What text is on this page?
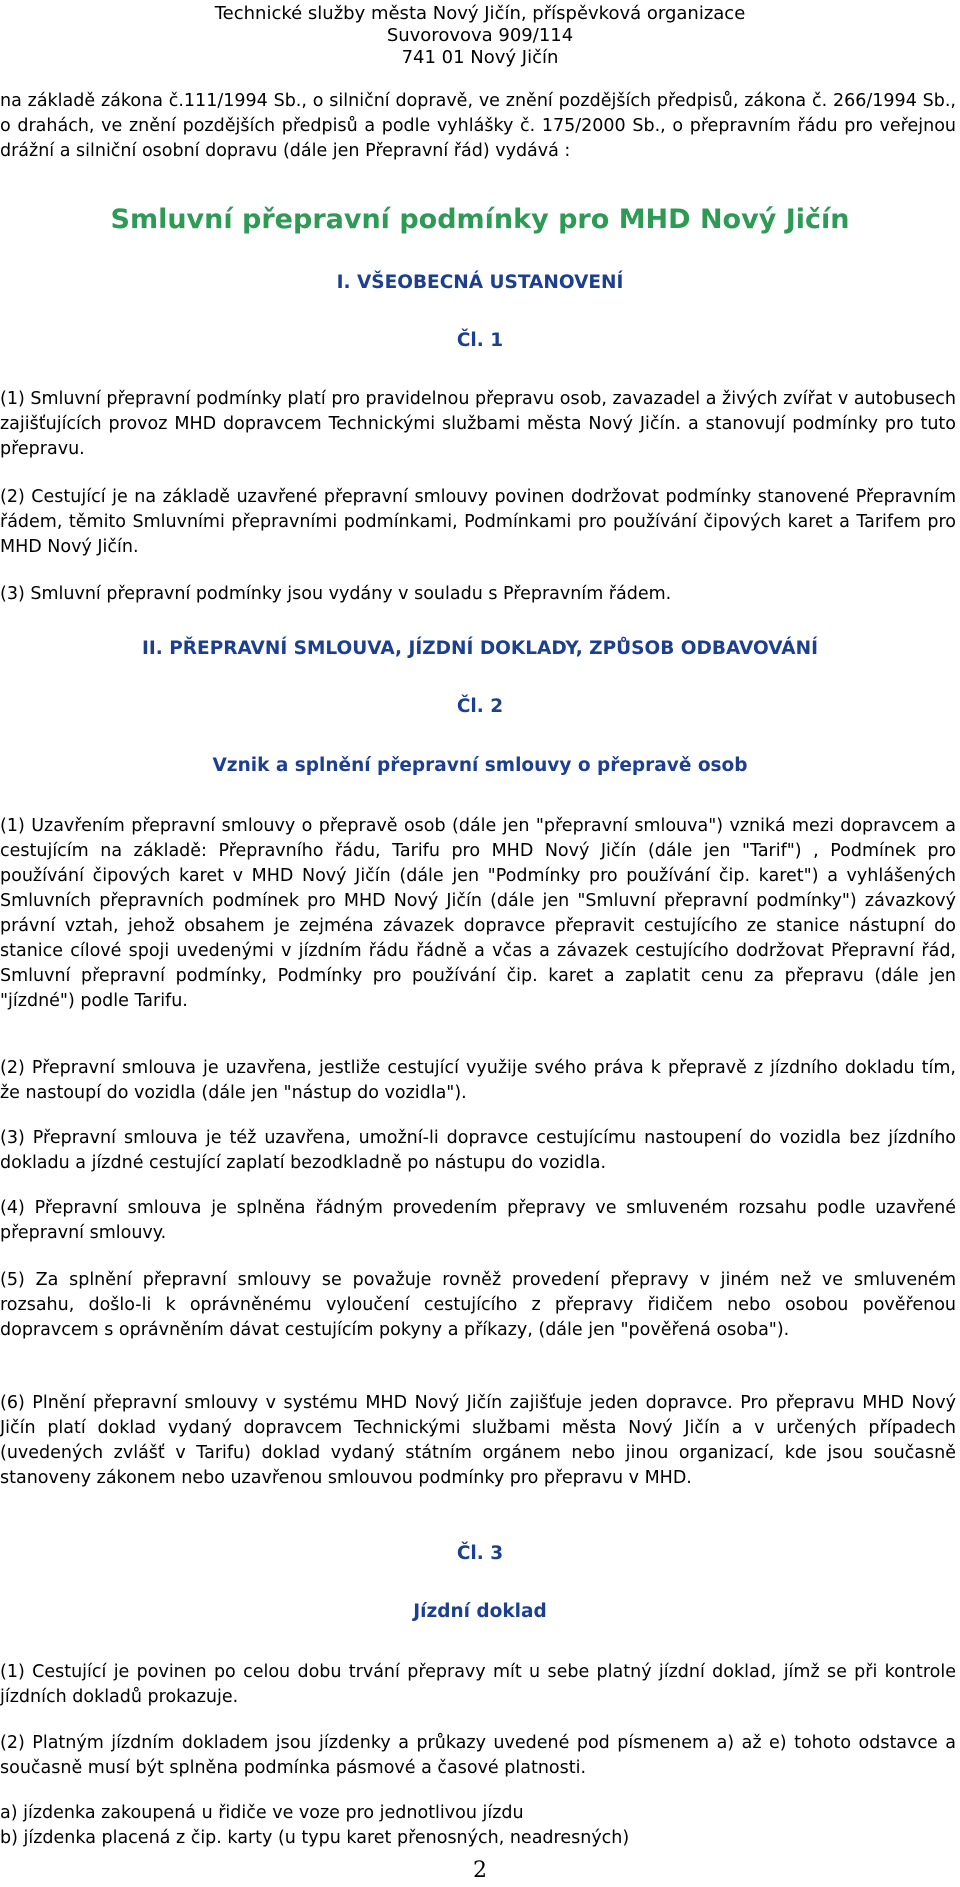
Technické služby města Nový Jičín, příspěvková organizace
Suvorovova 909/114
741 01 Nový Jičín

na základě zákona č.111/1994 Sb., o silniční dopravě, ve znění pozdějších předpisů, zákona č. 266/1994 Sb., o drahách, ve znění pozdějších předpisů a podle vyhlášky č. 175/2000 Sb., o přepravním řádu pro veřejnou drážní a silniční osobní dopravu (dále jen Přepravní řád) vydává :

Smluvní přepravní podmínky pro MHD Nový Jičín
I. VŠEOBECNÁ USTANOVENÍ
Čl. 1

(1) Smluvní přepravní podmínky platí pro pravidelnou přepravu osob, zavazadel a živých zvířat v autobusech zajišťujících provoz MHD dopravcem Technickými službami města Nový Jičín. a stanovují podmínky pro tuto přepravu.

(2) Cestující je na základě uzavřené přepravní smlouvy povinen dodržovat podmínky stanovené Přepravním řádem, těmito Smluvními přepravními podmínkami, Podmínkami pro používání čipových karet a Tarifem pro MHD Nový Jičín.

(3) Smluvní přepravní podmínky jsou vydány v souladu s Přepravním řádem.

II. PŘEPRAVNÍ SMLOUVA, JÍZDNÍ DOKLADY, ZPŮSOB ODBAVOVÁNÍ
Čl. 2
Vznik a splnění přepravní smlouvy o přepravě osob

(1) Uzavřením přepravní smlouvy o přepravě osob (dále jen "přepravní smlouva") vzniká mezi dopravcem a cestujícím na základě: Přepravního řádu, Tarifu pro MHD Nový Jičín (dále jen "Tarif") , Podmínek pro používání čipových karet v MHD Nový Jičín (dále jen "Podmínky pro používání čip. karet") a vyhlášených Smluvních přepravních podmínek pro MHD Nový Jičín (dále jen "Smluvní přepravní podmínky") závazkový právní vztah, jehož obsahem je zejména závazek dopravce přepravit cestujícího ze stanice nástupní do stanice cílové spoji uvedenými v jízdním řádu řádně a včas a závazek cestujícího dodržovat Přepravní řád, Smluvní přepravní podmínky, Podmínky pro používání čip. karet a zaplatit cenu za přepravu (dále jen "jízdné") podle Tarifu.

(2) Přepravní smlouva je uzavřena, jestliže cestující využije svého práva k přepravě z jízdního dokladu tím, že nastoupí do vozidla (dále jen "nástup do vozidla").

(3) Přepravní smlouva je též uzavřena, umožní-li dopravce cestujícímu nastoupení do vozidla bez jízdního dokladu a jízdné cestující zaplatí bezodkladně po nástupu do vozidla.

(4) Přepravní smlouva je splněna řádným provedením přepravy ve smluveném rozsahu podle uzavřené přepravní smlouvy.

(5) Za splnění přepravní smlouvy se považuje rovněž provedení přepravy v jiném než ve smluveném rozsahu, došlo-li k oprávněnému vyloučení cestujícího z přepravy řidičem nebo osobou pověřenou dopravcem s oprávněním dávat cestujícím pokyny a příkazy, (dále jen "pověřená osoba").

(6) Plnění přepravní smlouvy v systému MHD Nový Jičín zajišťuje jeden dopravce. Pro přepravu MHD Nový Jičín platí doklad vydaný dopravcem Technickými službami města Nový Jičín a v určených případech (uvedených zvlášť v Tarifu) doklad vydaný státním orgánem nebo jinou organizací, kde jsou současně stanoveny zákonem nebo uzavřenou smlouvou podmínky pro přepravu v MHD.

Čl. 3
Jízdní doklad

(1) Cestující je povinen po celou dobu trvání přepravy mít u sebe platný jízdní doklad, jímž se při kontrole jízdních dokladů prokazuje.

(2) Platným jízdním dokladem jsou jízdenky a průkazy uvedené pod písmenem a) až e) tohoto odstavce a současně musí být splněna podmínka pásmové a časové platnosti.

a) jízdenka zakoupená u řidiče ve voze pro jednotlivou jízdu

b) jízdenka placená z čip. karty (u typu karet přenosných, neadresných)

2
